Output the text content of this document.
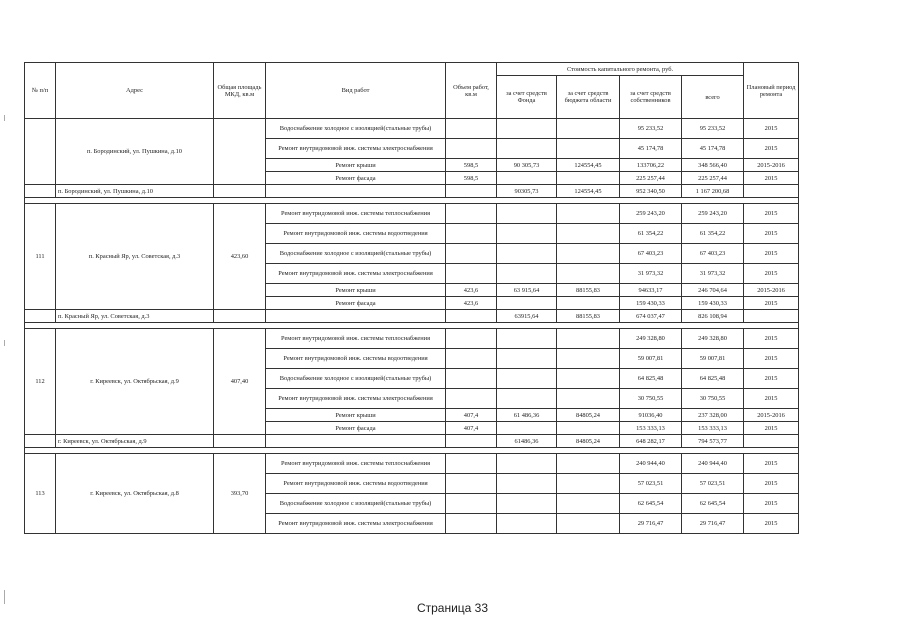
№ п/п	Адрес	Общая площадь МКД, кв.м	Вид работ	Объем работ, кв.м	Стоимость капитального ремонта, руб.				Плановый период ремонта
					за счет средств Фонда	за счет средств бюджета области	за счет средств собственников	всего	
	п. Бородинский, ул. Пушкина, д.10		Водоснабжение холодное с изоляцией(стальные трубы)				95 233,52	95 233,52	2015
			Ремонт внутридомовой инж. системы электроснабжения				45 174,78	45 174,78	2015
			Ремонт крыши	598,5	90 305,73	124554,45	133706,22	348 566,40	2015-2016
			Ремонт фасада	598,5			225 257,44	225 257,44	2015
	п. Бородинский, ул. Пушкина, д.10				90305,73	124554,45	952 340,50	1 167 200,68	

111	п. Красный Яр, ул. Советская, д.3	423,60	Ремонт внутридомовой инж. системы теплоснабжения				259 243,20	259 243,20	2015
			Ремонт внутридомовой инж. системы водоотведения				61 354,22	61 354,22	2015
			Водоснабжение холодное с изоляцией(стальные трубы)				67 403,23	67 403,23	2015
			Ремонт внутридомовой инж. системы электроснабжения				31 973,32	31 973,32	2015
			Ремонт крыши	423,6	63 915,64	88155,83	94633,17	246 704,64	2015-2016
			Ремонт фасада	423,6			159 430,33	159 430,33	2015
	п. Красный Яр, ул. Советская, д.3				63915,64	88155,83	674 037,47	826 108,94	

112	г. Киреевск, ул. Октябрьская, д.9	407,40	Ремонт внутридомовой инж. системы теплоснабжения				249 328,80	249 328,80	2015
			Ремонт внутридомовой инж. системы водоотведения				59 007,81	59 007,81	2015
			Водоснабжение холодное с изоляцией(стальные трубы)				64 825,48	64 825,48	2015
			Ремонт внутридомовой инж. системы электроснабжения				30 750,55	30 750,55	2015
			Ремонт крыши	407,4	61 486,36	84805,24	91036,40	237 328,00	2015-2016
			Ремонт фасада	407,4			153 333,13	153 333,13	2015
	г. Киреевск, ул. Октябрьская, д.9				61486,36	84805,24	648 282,17	794 573,77	

113	г. Киреевск, ул. Октябрьская, д.8	393,70	Ремонт внутридомовой инж. системы теплоснабжения				240 944,40	240 944,40	2015
			Ремонт внутридомовой инж. системы водоотведения				57 023,51	57 023,51	2015
			Водоснабжение холодное с изоляцией(стальные трубы)				62 645,54	62 645,54	2015
			Ремонт внутридомовой инж. системы электроснабжения				29 716,47	29 716,47	2015
Страница 33
